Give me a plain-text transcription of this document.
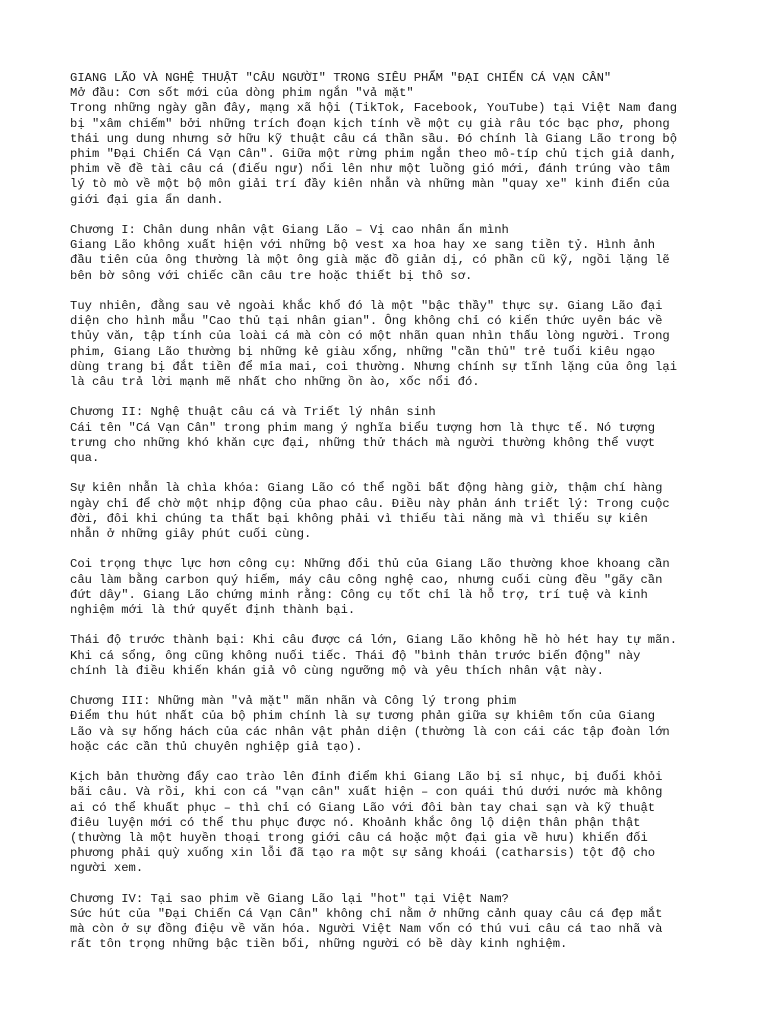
GIANG LÃO VÀ NGHỆ THUẬT "CÂU NGƯỜI" TRONG SIÊU PHẨM "ĐẠI CHIẾN CÁ VẠN CÂN"
Mở đầu: Cơn sốt mới của dòng phim ngắn "vả mặt"
Trong những ngày gần đây, mạng xã hội (TikTok, Facebook, YouTube) tại Việt Nam đang
bị "xâm chiếm" bởi những trích đoạn kịch tính về một cụ già râu tóc bạc phơ, phong
thái ung dung nhưng sở hữu kỹ thuật câu cá thần sầu. Đó chính là Giang Lão trong bộ
phim "Đại Chiến Cá Vạn Cân". Giữa một rừng phim ngắn theo mô-típ chủ tịch giả danh,
phim về đề tài câu cá (điếu ngư) nổi lên như một luồng gió mới, đánh trúng vào tâm
lý tò mò về một bộ môn giải trí đầy kiên nhẫn và những màn "quay xe" kinh điển của
giới đại gia ẩn danh.
Chương I: Chân dung nhân vật Giang Lão – Vị cao nhân ẩn mình
Giang Lão không xuất hiện với những bộ vest xa hoa hay xe sang tiền tỷ. Hình ảnh
đầu tiên của ông thường là một ông già mặc đồ giản dị, có phần cũ kỹ, ngồi lặng lẽ
bên bờ sông với chiếc cần câu tre hoặc thiết bị thô sơ.
Tuy nhiên, đằng sau vẻ ngoài khắc khổ đó là một "bậc thầy" thực sự. Giang Lão đại
diện cho hình mẫu "Cao thủ tại nhân gian". Ông không chỉ có kiến thức uyên bác về
thủy văn, tập tính của loài cá mà còn có một nhãn quan nhìn thấu lòng người. Trong
phim, Giang Lão thường bị những kẻ giàu xổng, những "cần thủ" trẻ tuổi kiêu ngạo
dùng trang bị đắt tiền để mỉa mai, coi thường. Nhưng chính sự tĩnh lặng của ông lại
là câu trả lời mạnh mẽ nhất cho những ồn ào, xốc nổi đó.
Chương II: Nghệ thuật câu cá và Triết lý nhân sinh
Cái tên "Cá Vạn Cân" trong phim mang ý nghĩa biểu tượng hơn là thực tế. Nó tượng
trưng cho những khó khăn cực đại, những thử thách mà người thường không thể vượt
qua.
Sự kiên nhẫn là chìa khóa: Giang Lão có thể ngồi bất động hàng giờ, thậm chí hàng
ngày chỉ để chờ một nhịp động của phao câu. Điều này phản ánh triết lý: Trong cuộc
đời, đôi khi chúng ta thất bại không phải vì thiếu tài năng mà vì thiếu sự kiên
nhẫn ở những giây phút cuối cùng.
Coi trọng thực lực hơn công cụ: Những đối thủ của Giang Lão thường khoe khoang cần
câu làm bằng carbon quý hiếm, máy câu công nghệ cao, nhưng cuối cùng đều "gãy cần
đứt dây". Giang Lão chứng minh rằng: Công cụ tốt chỉ là hỗ trợ, trí tuệ và kinh
nghiệm mới là thứ quyết định thành bại.
Thái độ trước thành bại: Khi câu được cá lớn, Giang Lão không hề hò hét hay tự mãn.
Khi cá sổng, ông cũng không nuối tiếc. Thái độ "bình thản trước biến động" này
chính là điều khiến khán giả vô cùng ngưỡng mộ và yêu thích nhân vật này.
Chương III: Những màn "vả mặt" mãn nhãn và Công lý trong phim
Điểm thu hút nhất của bộ phim chính là sự tương phản giữa sự khiêm tốn của Giang
Lão và sự hống hách của các nhân vật phản diện (thường là con cái các tập đoàn lớn
hoặc các cần thủ chuyên nghiệp giả tạo).
Kịch bản thường đẩy cao trào lên đỉnh điểm khi Giang Lão bị sỉ nhục, bị đuổi khỏi
bãi câu. Và rồi, khi con cá "vạn cân" xuất hiện – con quái thú dưới nước mà không
ai có thể khuất phục – thì chỉ có Giang Lão với đôi bàn tay chai sạn và kỹ thuật
điêu luyện mới có thể thu phục được nó. Khoảnh khắc ông lộ diện thân phận thật
(thường là một huyền thoại trong giới câu cá hoặc một đại gia về hưu) khiến đối
phương phải quỳ xuống xin lỗi đã tạo ra một sự sảng khoái (catharsis) tột độ cho
người xem.
Chương IV: Tại sao phim về Giang Lão lại "hot" tại Việt Nam?
Sức hút của "Đại Chiến Cá Vạn Cân" không chỉ nằm ở những cảnh quay câu cá đẹp mắt
mà còn ở sự đồng điệu về văn hóa. Người Việt Nam vốn có thú vui câu cá tao nhã và
rất tôn trọng những bậc tiền bối, những người có bề dày kinh nghiệm.
